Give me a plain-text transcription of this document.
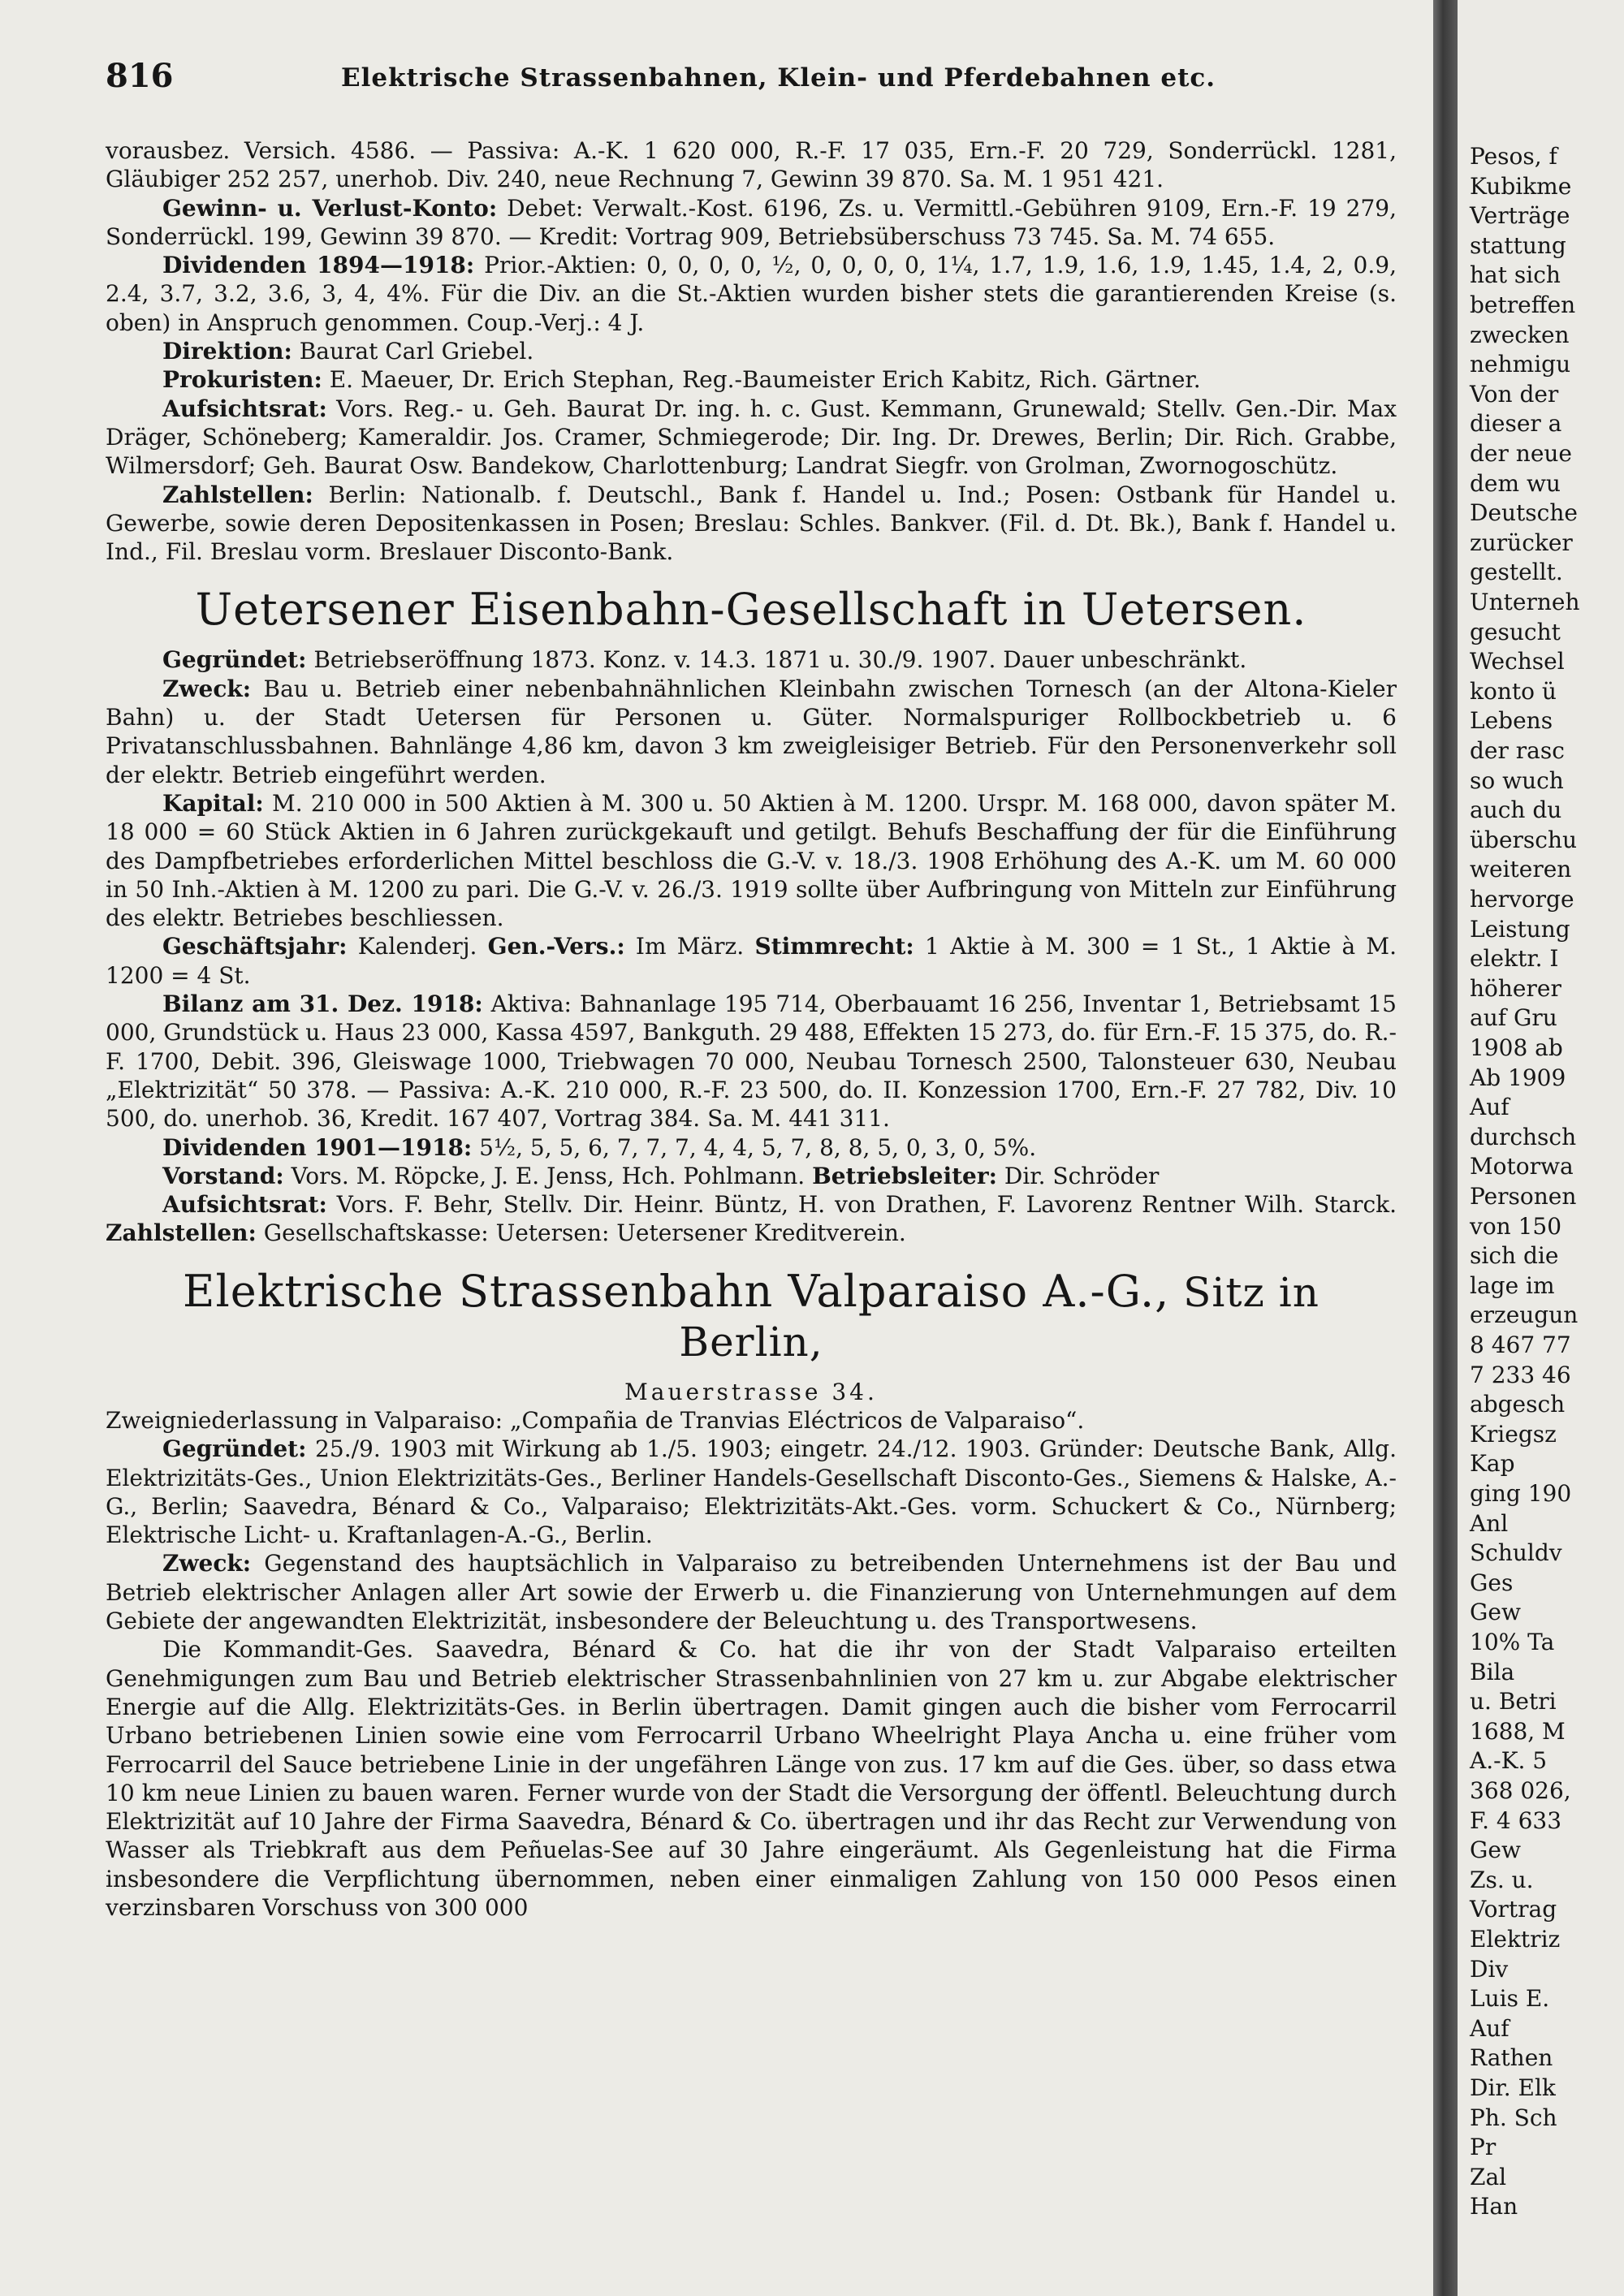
816	Elektrische Strassenbahnen, Klein- und Pferdebahnen etc.

vorausbez. Versich. 4586. — Passiva: A.-K. 1 620 000, R.-F. 17 035, Ern.-F. 20 729, Sonderrückl. 1281, Gläubiger 252 257, unerhob. Div. 240, neue Rechnung 7, Gewinn 39 870. Sa. M. 1 951 421.

Gewinn- u. Verlust-Konto: Debet: Verwalt.-Kost. 6196, Zs. u. Vermittl.-Gebühren 9109, Ern.-F. 19 279, Sonderrückl. 199, Gewinn 39 870. — Kredit: Vortrag 909, Betriebsüberschuss 73 745. Sa. M. 74 655.

Dividenden 1894—1918: Prior.-Aktien: 0, 0, 0, 0, ½, 0, 0, 0, 0, 1¼, 1.7, 1.9, 1.6, 1.9, 1.45, 1.4, 2, 0.9, 2.4, 3.7, 3.2, 3.6, 3, 4, 4%. Für die Div. an die St.-Aktien wurden bisher stets die garantierenden Kreise (s. oben) in Anspruch genommen. Coup.-Verj.: 4 J.

Direktion: Baurat Carl Griebel.

Prokuristen: E. Maeuer, Dr. Erich Stephan, Reg.-Baumeister Erich Kabitz, Rich. Gärtner.

Aufsichtsrat: Vors. Reg.- u. Geh. Baurat Dr. ing. h. c. Gust. Kemmann, Grunewald; Stellv. Gen.-Dir. Max Dräger, Schöneberg; Kameraldir. Jos. Cramer, Schmiegerode; Dir. Ing. Dr. Drewes, Berlin; Dir. Rich. Grabbe, Wilmersdorf; Geh. Baurat Osw. Bandekow, Charlottenburg; Landrat Siegfr. von Grolman, Zwornogoschütz.

Zahlstellen: Berlin: Nationalb. f. Deutschl., Bank f. Handel u. Ind.; Posen: Ostbank für Handel u. Gewerbe, sowie deren Depositenkassen in Posen; Breslau: Schles. Bankver. (Fil. d. Dt. Bk.), Bank f. Handel u. Ind., Fil. Breslau vorm. Breslauer Disconto-Bank.

Uetersener Eisenbahn-Gesellschaft in Uetersen.

Gegründet: Betriebseröffnung 1873. Konz. v. 14.3. 1871 u. 30./9. 1907. Dauer unbeschränkt.

Zweck: Bau u. Betrieb einer nebenbahnähnlichen Kleinbahn zwischen Tornesch (an der Altona-Kieler Bahn) u. der Stadt Uetersen für Personen u. Güter. Normalspuriger Rollbockbetrieb u. 6 Privatanschlussbahnen. Bahnlänge 4,86 km, davon 3 km zweigleisiger Betrieb. Für den Personenverkehr soll der elektr. Betrieb eingeführt werden.

Kapital: M. 210 000 in 500 Aktien à M. 300 u. 50 Aktien à M. 1200. Urspr. M. 168 000, davon später M. 18 000 = 60 Stück Aktien in 6 Jahren zurückgekauft und getilgt. Behufs Beschaffung der für die Einführung des Dampfbetriebes erforderlichen Mittel beschloss die G.-V. v. 18./3. 1908 Erhöhung des A.-K. um M. 60 000 in 50 Inh.-Aktien à M. 1200 zu pari. Die G.-V. v. 26./3. 1919 sollte über Aufbringung von Mitteln zur Einführung des elektr. Betriebes beschliessen.

Geschäftsjahr: Kalenderj. Gen.-Vers.: Im März. Stimmrecht: 1 Aktie à M. 300 = 1 St., 1 Aktie à M. 1200 = 4 St.

Bilanz am 31. Dez. 1918: Aktiva: Bahnanlage 195 714, Oberbauamt 16 256, Inventar 1, Betriebsamt 15 000, Grundstück u. Haus 23 000, Kassa 4597, Bankguth. 29 488, Effekten 15 273, do. für Ern.-F. 15 375, do. R.-F. 1700, Debit. 396, Gleiswage 1000, Triebwagen 70 000, Neubau Tornesch 2500, Talonsteuer 630, Neubau „Elektrizität“ 50 378. — Passiva: A.-K. 210 000, R.-F. 23 500, do. II. Konzession 1700, Ern.-F. 27 782, Div. 10 500, do. unerhob. 36, Kredit. 167 407, Vortrag 384. Sa. M. 441 311.

Dividenden 1901—1918: 5½, 5, 5, 6, 7, 7, 7, 4, 4, 5, 7, 8, 8, 5, 0, 3, 0, 5%.

Vorstand: Vors. M. Röpcke, J. E. Jenss, Hch. Pohlmann. Betriebsleiter: Dir. Schröder

Aufsichtsrat: Vors. F. Behr, Stellv. Dir. Heinr. Büntz, H. von Drathen, F. Lavorenz Rentner Wilh. Starck. Zahlstellen: Gesellschaftskasse: Uetersen: Uetersener Kreditverein.

Elektrische Strassenbahn Valparaiso A.-G., Sitz in Berlin,

Mauerstrasse 34.

Zweigniederlassung in Valparaiso: „Compañia de Tranvias Eléctricos de Valparaiso“.

Gegründet: 25./9. 1903 mit Wirkung ab 1./5. 1903; eingetr. 24./12. 1903. Gründer: Deutsche Bank, Allg. Elektrizitäts-Ges., Union Elektrizitäts-Ges., Berliner Handels-Gesellschaft Disconto-Ges., Siemens & Halske, A.-G., Berlin; Saavedra, Bénard & Co., Valparaiso; Elektrizitäts-Akt.-Ges. vorm. Schuckert & Co., Nürnberg; Elektrische Licht- u. Kraftanlagen-A.-G., Berlin.

Zweck: Gegenstand des hauptsächlich in Valparaiso zu betreibenden Unternehmens ist der Bau und Betrieb elektrischer Anlagen aller Art sowie der Erwerb u. die Finanzierung von Unternehmungen auf dem Gebiete der angewandten Elektrizität, insbesondere der Beleuchtung u. des Transportwesens.

Die Kommandit-Ges. Saavedra, Bénard & Co. hat die ihr von der Stadt Valparaiso erteilten Genehmigungen zum Bau und Betrieb elektrischer Strassenbahnlinien von 27 km u. zur Abgabe elektrischer Energie auf die Allg. Elektrizitäts-Ges. in Berlin übertragen. Damit gingen auch die bisher vom Ferrocarril Urbano betriebenen Linien sowie eine vom Ferrocarril Urbano Wheelright Playa Ancha u. eine früher vom Ferrocarril del Sauce betriebene Linie in der ungefähren Länge von zus. 17 km auf die Ges. über, so dass etwa 10 km neue Linien zu bauen waren. Ferner wurde von der Stadt die Versorgung der öffentl. Beleuchtung durch Elektrizität auf 10 Jahre der Firma Saavedra, Bénard & Co. übertragen und ihr das Recht zur Verwendung von Wasser als Triebkraft aus dem Peñuelas-See auf 30 Jahre eingeräumt. Als Gegenleistung hat die Firma insbesondere die Verpflichtung übernommen, neben einer einmaligen Zahlung von 150 000 Pesos einen verzinsbaren Vorschuss von 300 000

Pesos, f
Kubikme
Verträge
stattung
hat sich
betreffen
zwecken
nehmigu
Von der
dieser a
der neue
dem wu
Deutsche
zurücker
gestellt.
Unterneh
gesucht
Wechsel
konto ü
Lebens
der rasc
so wuch
auch du
überschu
weiteren
hervorge
Leistung
elektr. I
höherer
auf Gru
1908 ab
Ab 1909
Auf
durchsch
Motorwa
Personen
von 150
sich die
lage im
erzeugun
8 467 77
7 233 46
abgesch
Kriegsz
Kap
ging 190
Anl
Schuldv
Ges
Gew
10% Ta
Bila
u. Betri
1688, M
A.-K. 5
368 026,
F. 4 633
Gew
Zs. u.
Vortrag
Elektriz
Div
Luis E.
Auf
Rathen
Dir. Elk
Ph. Sch
Pr
Zal
Han
